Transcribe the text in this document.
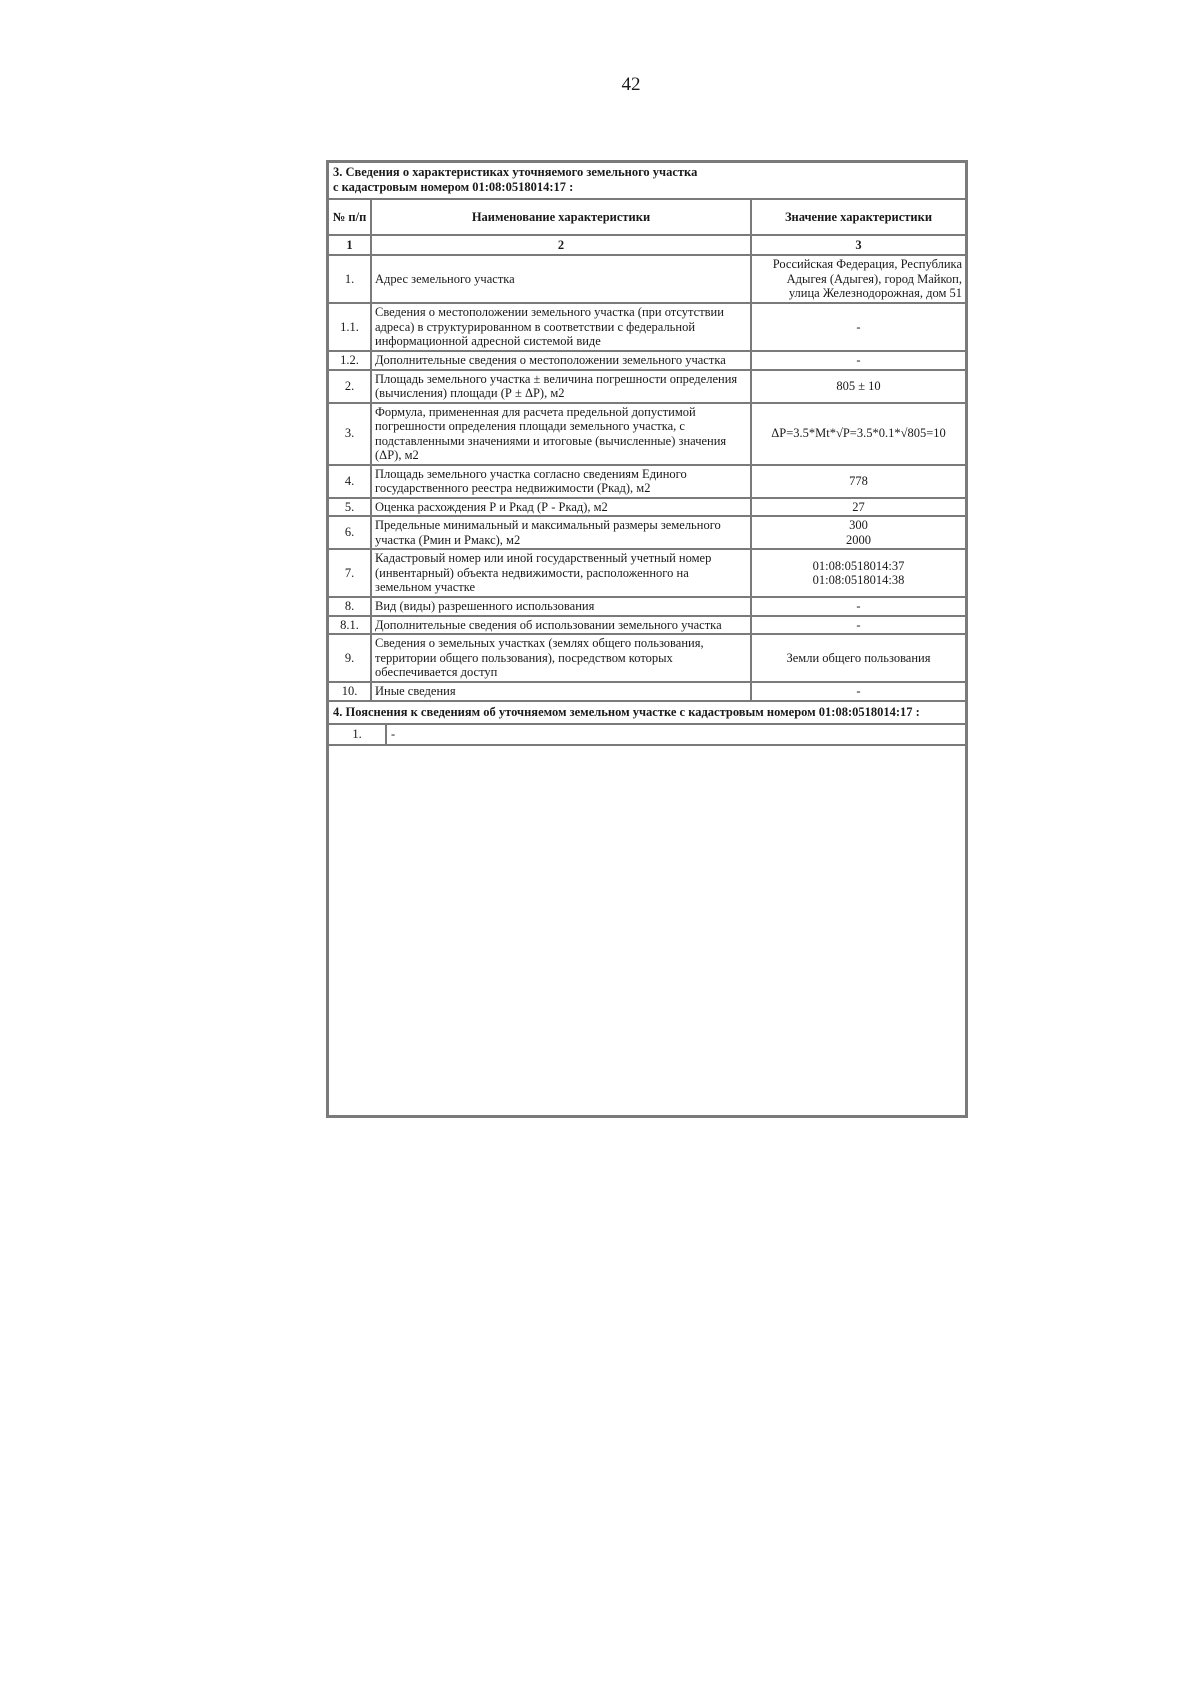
42
3. Сведения о характеристиках уточняемого земельного участка
с кадастровым номером 01:08:0518014:17 :
№ п/п	Наименование характеристики	Значение характеристики
1	2	3
1.	Адрес земельного участка	Российская Федерация, Республика Адыгея (Адыгея), город Майкоп, улица Железнодорожная, дом 51
1.1.	Сведения о местоположении земельного участка (при отсутствии адреса) в структурированном в соответствии с федеральной информационной адресной системой виде	-
1.2.	Дополнительные сведения о местоположении земельного участка	-
2.	Площадь земельного участка ± величина погрешности определения (вычисления) площади (Р ± ΔР), м2	805 ± 10
3.	Формула, примененная для расчета предельной допустимой погрешности определения площади земельного участка, с подставленными значениями и итоговые (вычисленные) значения (ΔР), м2	ΔP=3.5*Mt*√P=3.5*0.1*√805=10
4.	Площадь земельного участка согласно сведениям Единого государственного реестра недвижимости (Ркад), м2	778
5.	Оценка расхождения Р и Ркад (Р - Ркад), м2	27
6.	Предельные минимальный и максимальный размеры земельного участка (Рмин и Рмакс), м2	300
2000

7.	Кадастровый номер или иной государственный учетный номер (инвентарный) объекта недвижимости, расположенного на земельном участке	01:08:0518014:37
01:08:0518014:38

8.	Вид (виды) разрешенного использования	-
8.1.	Дополнительные сведения об использовании земельного участка	-
9.	Сведения о земельных участках (землях общего пользования, территории общего пользования), посредством которых обеспечивается доступ	Земли общего пользования
10.	Иные сведения	-
4. Пояснения к сведениям об уточняемом земельном участке с кадастровым номером 01:08:0518014:17 :
1.	-
